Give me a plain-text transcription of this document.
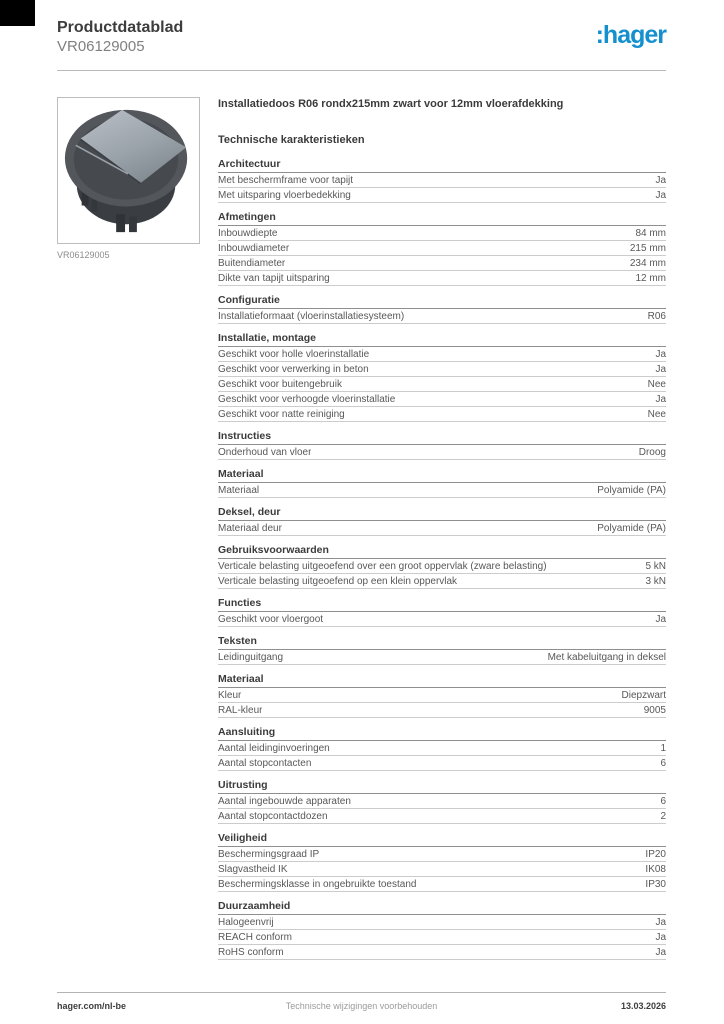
Productdatablad
VR06129005	:hager
VR06129005
Installatiedoos R06 rondx215mm zwart voor 12mm vloerafdekking
Technische karakteristieken
Architectuur
Met beschermframe voor tapijt	Ja
Met uitsparing vloerbedekking	Ja
Afmetingen
Inbouwdiepte	84 mm
Inbouwdiameter	215 mm
Buitendiameter	234 mm
Dikte van tapijt uitsparing	12 mm
Configuratie
Installatieformaat (vloerinstallatiesysteem)	R06
Installatie, montage
Geschikt voor holle vloerinstallatie	Ja
Geschikt voor verwerking in beton	Ja
Geschikt voor buitengebruik	Nee
Geschikt voor verhoogde vloerinstallatie	Ja
Geschikt voor natte reiniging	Nee
Instructies
Onderhoud van vloer	Droog
Materiaal
Materiaal	Polyamide (PA)
Deksel, deur
Materiaal deur	Polyamide (PA)
Gebruiksvoorwaarden
Verticale belasting uitgeoefend over een groot oppervlak (zware belasting)	5 kN
Verticale belasting uitgeoefend op een klein oppervlak	3 kN
Functies
Geschikt voor vloergoot	Ja
Teksten
Leidinguitgang	Met kabeluitgang in deksel
Materiaal
Kleur	Diepzwart
RAL-kleur	9005
Aansluiting
Aantal leidinginvoeringen	1
Aantal stopcontacten	6
Uitrusting
Aantal ingebouwde apparaten	6
Aantal stopcontactdozen	2
Veiligheid
Beschermingsgraad IP	IP20
Slagvastheid IK	IK08
Beschermingsklasse in ongebruikte toestand	IP30
Duurzaamheid
Halogeenvrij	Ja
REACH conform	Ja
RoHS conform	Ja
hager.com/nl-be	Technische wijzigingen voorbehouden	13.03.2026
